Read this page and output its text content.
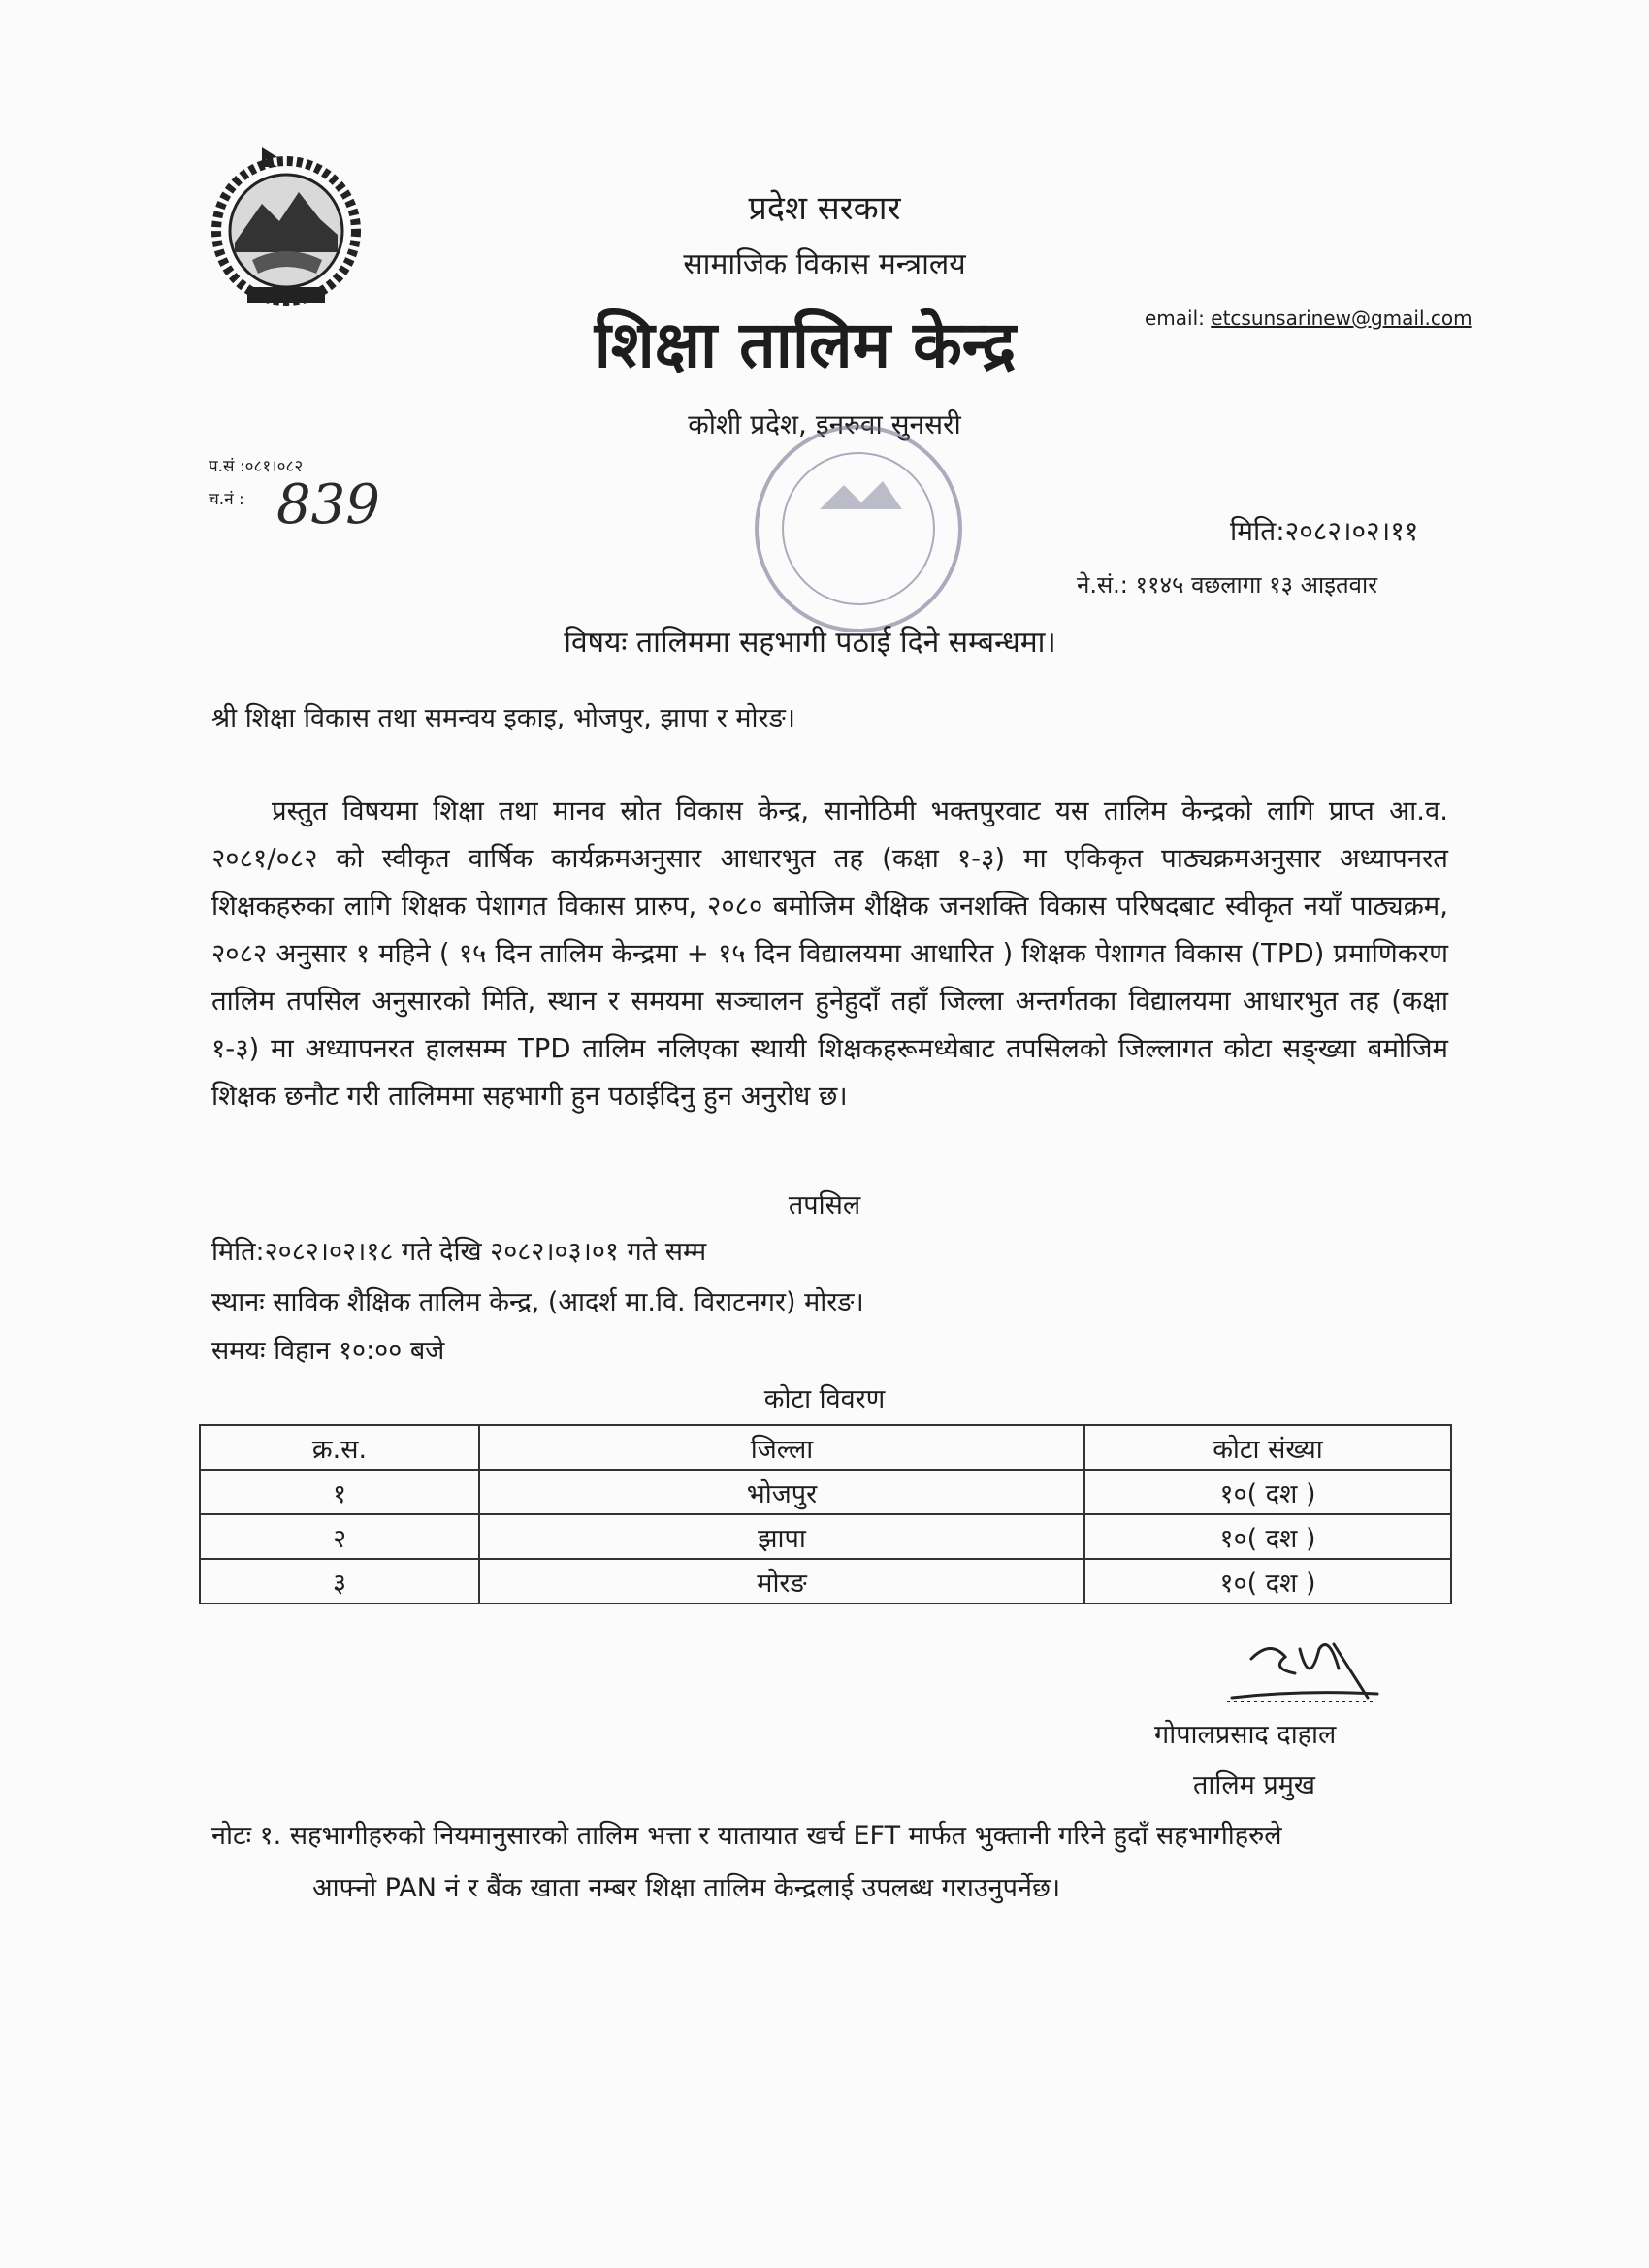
प्रदेश सरकार
सामाजिक विकास मन्त्रालय
शिक्षा तालिम केन्द्र
कोशी प्रदेश, इनरुवा सुनसरी
email: etcsunsarinew@gmail.com
प.सं :०८१।०८२
च.नं : 839	मिति:२०८२।०२।११
ने.सं.: ११४५ वछलागा १३ आइतवार
विषयः तालिममा सहभागी पठाई दिने सम्बन्धमा।
श्री शिक्षा विकास तथा समन्वय इकाइ, भोजपुर, झापा र मोरङ।

प्रस्तुत विषयमा शिक्षा तथा मानव स्रोत विकास केन्द्र, सानोठिमी भक्तपुरवाट यस तालिम केन्द्रको लागि प्राप्त आ.व. २०८१/०८२ को स्वीकृत वार्षिक कार्यक्रमअनुसार आधारभुत तह (कक्षा १-३) मा एकिकृत पाठ्यक्रमअनुसार अध्यापनरत शिक्षकहरुका लागि शिक्षक पेशागत विकास प्रारुप, २०८० बमोजिम शैक्षिक जनशक्ति विकास परिषदबाट स्वीकृत नयाँ पाठ्यक्रम, २०८२ अनुसार १ महिने ( १५ दिन तालिम केन्द्रमा + १५ दिन विद्यालयमा आधारित ) शिक्षक पेशागत विकास (TPD) प्रमाणिकरण तालिम तपसिल अनुसारको मिति, स्थान र समयमा सञ्चालन हुनेहुदाँ तहाँ जिल्ला अन्तर्गतका विद्यालयमा आधारभुत तह (कक्षा १-३) मा अध्यापनरत हालसम्म TPD तालिम नलिएका स्थायी शिक्षकहरूमध्येबाट तपसिलको जिल्लागत कोटा सङ्ख्या बमोजिम शिक्षक छनौट गरी तालिममा सहभागी हुन पठाईदिनु हुन अनुरोध छ।

तपसिल
मिति:२०८२।०२।१८ गते देखि २०८२।०३।०१ गते सम्म
स्थानः साविक शैक्षिक तालिम केन्द्र, (आदर्श मा.वि. विराटनगर) मोरङ।
समयः विहान १०:०० बजे
कोटा विवरण
क्र.स.	जिल्ला	कोटा संख्या
१	भोजपुर	१०( दश )
२	झापा	१०( दश )
३	मोरङ	१०( दश )
गोपालप्रसाद दाहाल
तालिम प्रमुख
नोटः १. सहभागीहरुको नियमानुसारको तालिम भत्ता र यातायात खर्च EFT मार्फत भुक्तानी गरिने हुदाँ सहभागीहरुले
आफ्नो PAN नं र बैंक खाता नम्बर शिक्षा तालिम केन्द्रलाई उपलब्ध गराउनुपर्नेछ।
